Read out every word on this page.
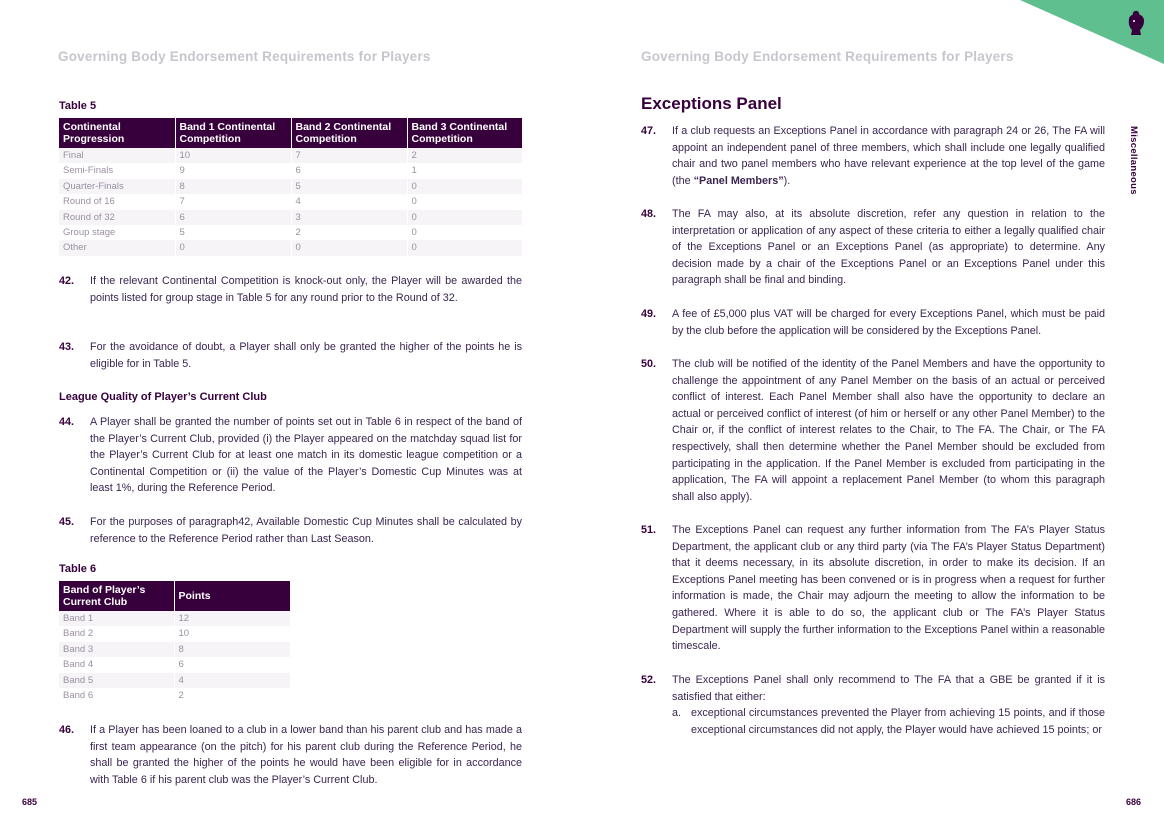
Governing Body Endorsement Requirements for Players
Table 5
Continental Progression	Band 1 Continental Competition	Band 2 Continental Competition	Band 3 Continental Competition
Final	10	7	2
Semi-Finals	9	6	1
Quarter-Finals	8	5	0
Round of 16	7	4	0
Round of 32	6	3	0
Group stage	5	2	0
Other	0	0	0
42. If the relevant Continental Competition is knock-out only, the Player will be awarded the points listed for group stage in Table 5 for any round prior to the Round of 32.
43. For the avoidance of doubt, a Player shall only be granted the higher of the points he is eligible for in Table 5.
League Quality of Player’s Current Club
44. A Player shall be granted the number of points set out in Table 6 in respect of the band of the Player’s Current Club, provided (i) the Player appeared on the matchday squad list for the Player’s Current Club for at least one match in its domestic league competition or a Continental Competition or (ii) the value of the Player’s Domestic Cup Minutes was at least 1%, during the Reference Period.
45. For the purposes of paragraph42, Available Domestic Cup Minutes shall be calculated by reference to the Reference Period rather than Last Season.
Table 6
Band of Player’s Current Club	Points
Band 1	12
Band 2	10
Band 3	8
Band 4	6
Band 5	4
Band 6	2
46. If a Player has been loaned to a club in a lower band than his parent club and has made a first team appearance (on the pitch) for his parent club during the Reference Period, he shall be granted the higher of the points he would have been eligible for in accordance with Table 6 if his parent club was the Player’s Current Club.
685
Governing Body Endorsement Requirements for Players
Exceptions Panel
47. If a club requests an Exceptions Panel in accordance with paragraph 24 or 26, The FA will appoint an independent panel of three members, which shall include one legally qualified chair and two panel members who have relevant experience at the top level of the game (the “Panel Members”).
48. The FA may also, at its absolute discretion, refer any question in relation to the interpretation or application of any aspect of these criteria to either a legally qualified chair of the Exceptions Panel or an Exceptions Panel (as appropriate) to determine. Any decision made by a chair of the Exceptions Panel or an Exceptions Panel under this paragraph shall be final and binding.
49. A fee of £5,000 plus VAT will be charged for every Exceptions Panel, which must be paid by the club before the application will be considered by the Exceptions Panel.
50. The club will be notified of the identity of the Panel Members and have the opportunity to challenge the appointment of any Panel Member on the basis of an actual or perceived conflict of interest. Each Panel Member shall also have the opportunity to declare an actual or perceived conflict of interest (of him or herself or any other Panel Member) to the Chair or, if the conflict of interest relates to the Chair, to The FA. The Chair, or The FA respectively, shall then determine whether the Panel Member should be excluded from participating in the application. If the Panel Member is excluded from participating in the application, The FA will appoint a replacement Panel Member (to whom this paragraph shall also apply).
51. The Exceptions Panel can request any further information from The FA’s Player Status Department, the applicant club or any third party (via The FA’s Player Status Department) that it deems necessary, in its absolute discretion, in order to make its decision. If an Exceptions Panel meeting has been convened or is in progress when a request for further information is made, the Chair may adjourn the meeting to allow the information to be gathered. Where it is able to do so, the applicant club or The FA’s Player Status Department will supply the further information to the Exceptions Panel within a reasonable timescale.
52. The Exceptions Panel shall only recommend to The FA that a GBE be granted if it is satisfied that either:
a. exceptional circumstances prevented the Player from achieving 15 points, and if those exceptional circumstances did not apply, the Player would have achieved 15 points; or
686
Miscellaneous
